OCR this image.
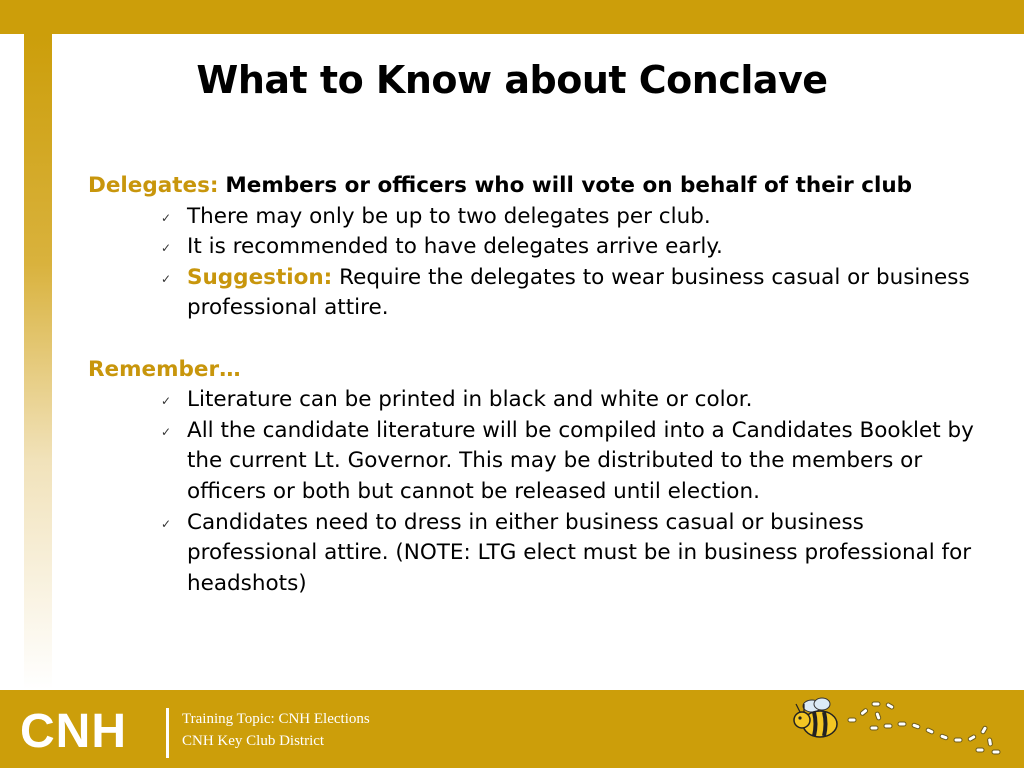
What to Know about Conclave

Delegates: Members or officers who will vote on behalf of their club

✓ There may only be up to two delegates per club.
✓ It is recommended to have delegates arrive early.
✓ Suggestion: Require the delegates to wear business casual or business professional attire.

Remember…

✓ Literature can be printed in black and white or color.
✓ All the candidate literature will be compiled into a Candidates Booklet by the current Lt. Governor. This may be distributed to the members or officers or both but cannot be released until election.
✓ Candidates need to dress in either business casual or business professional attire. (NOTE: LTG elect must be in business professional for headshots)
CNH	Training Topic: CNH Elections
CNH Key Club District
